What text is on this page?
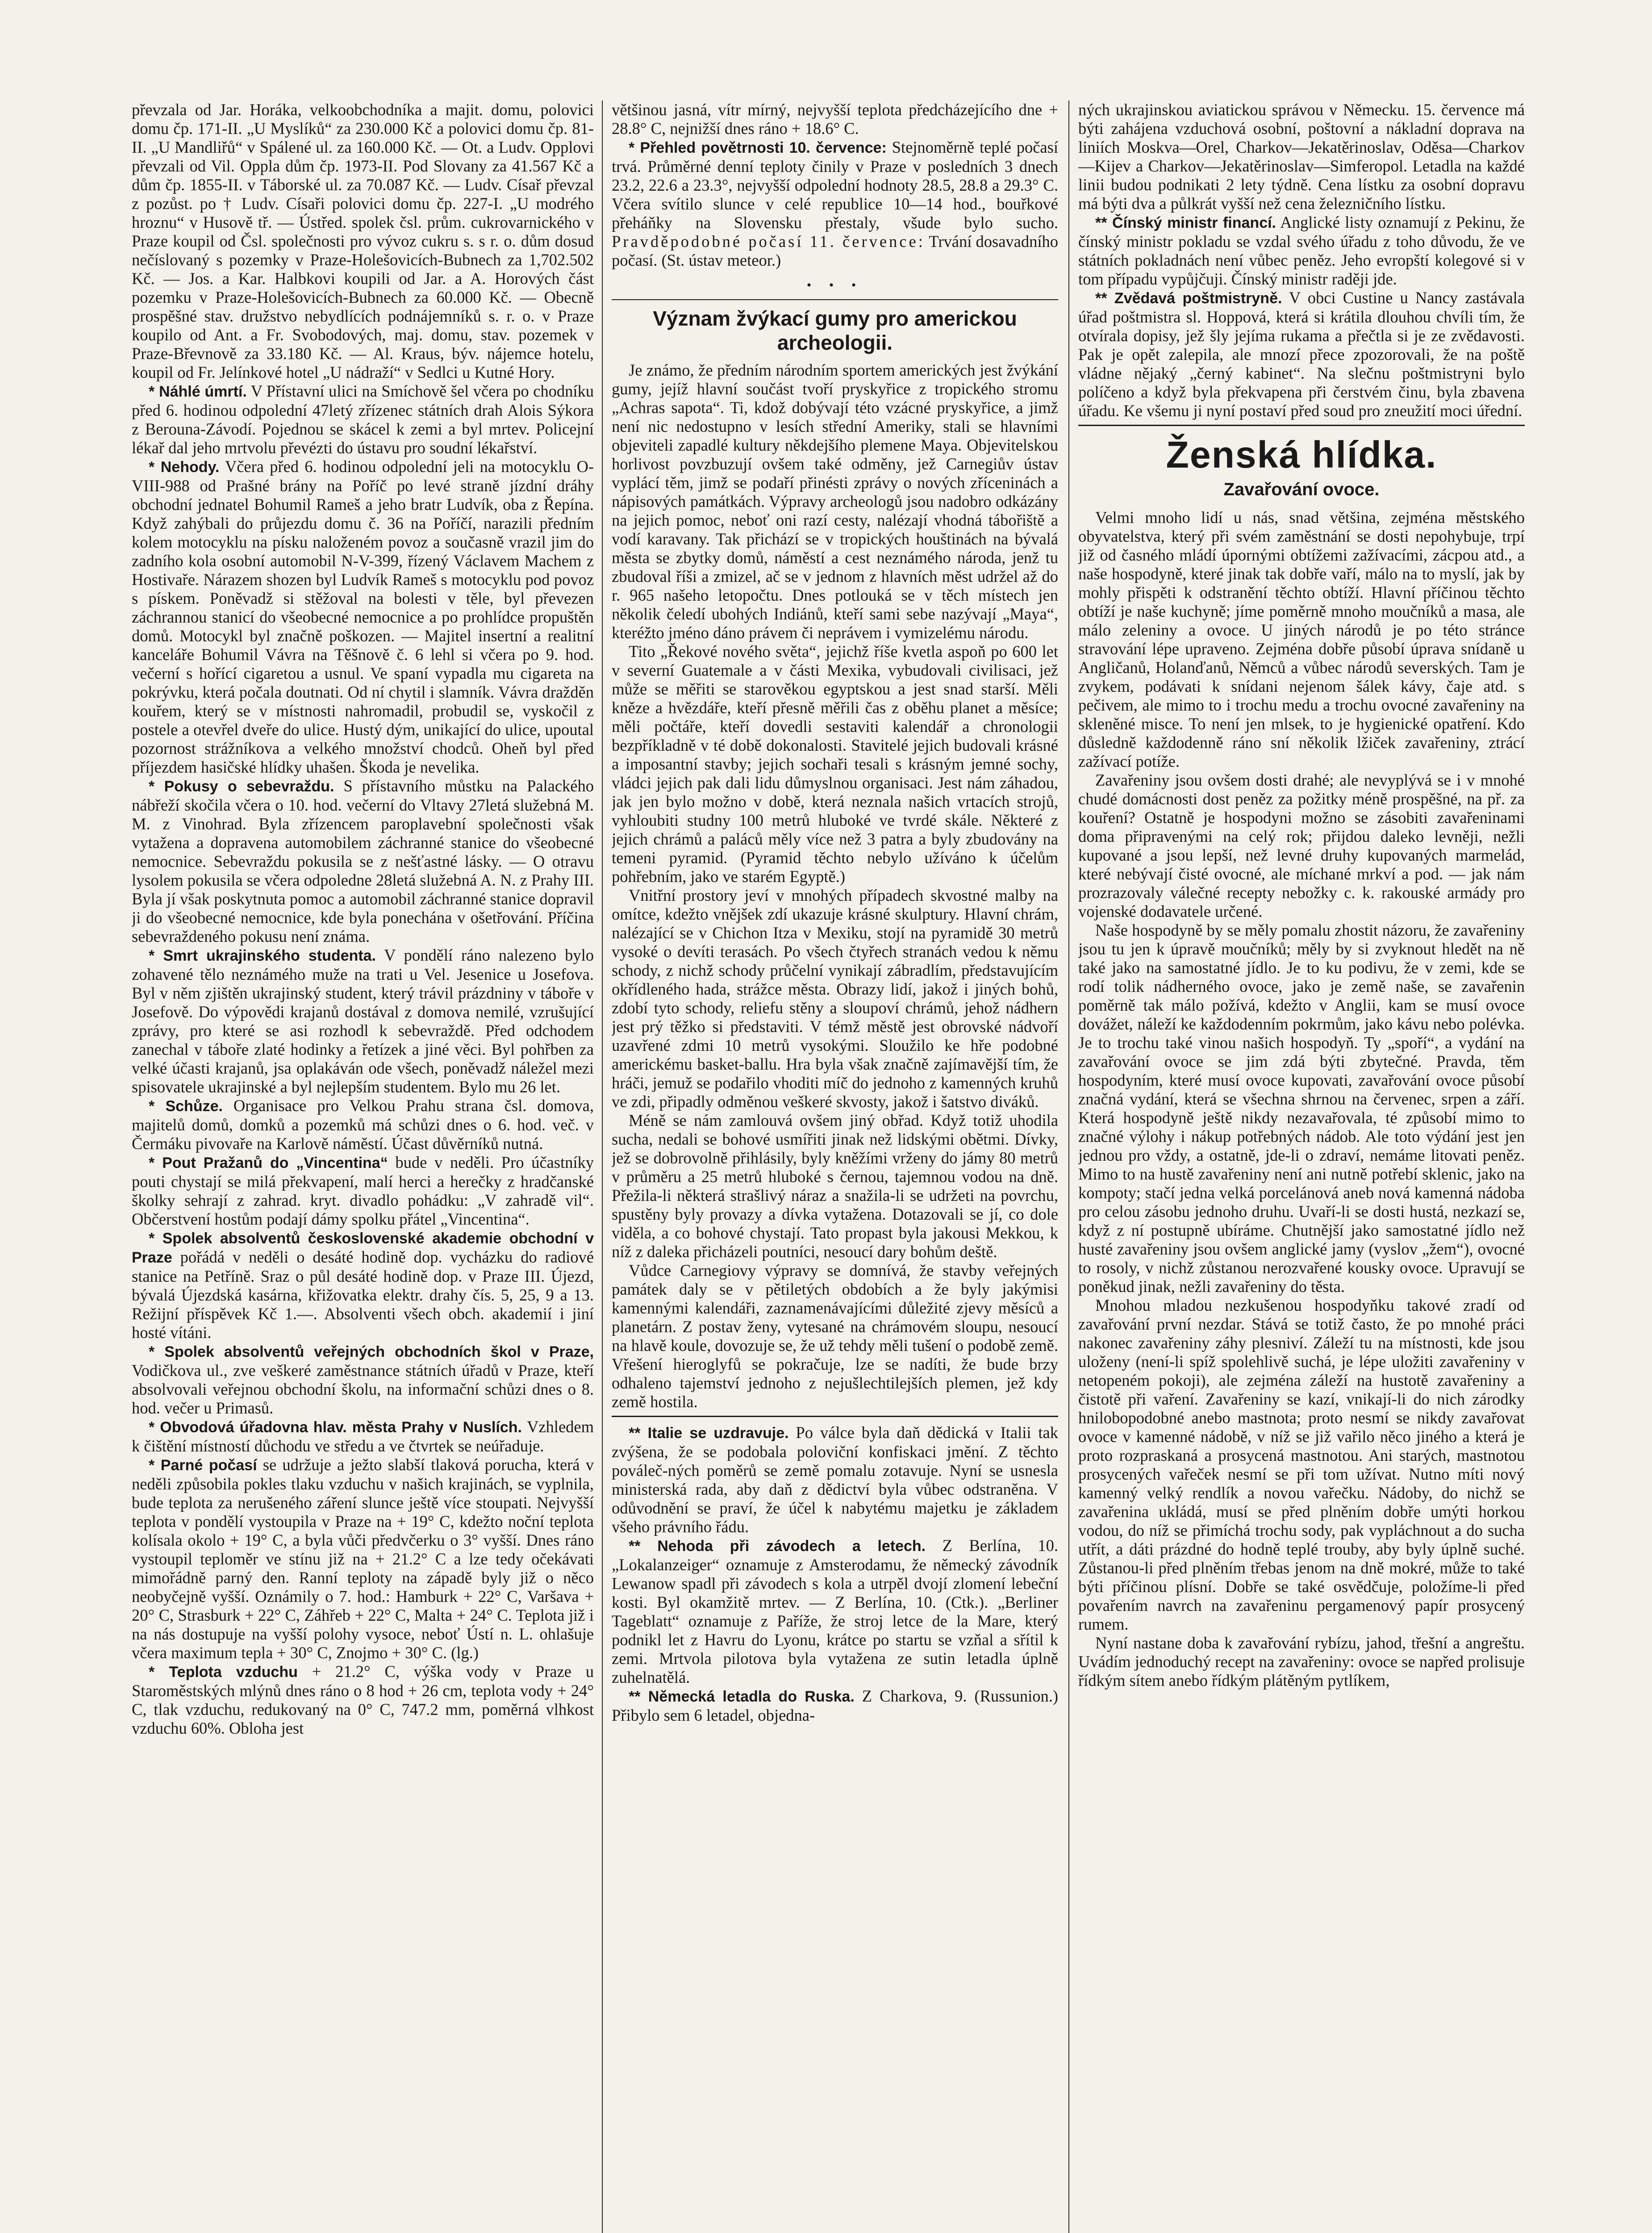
převzala od Jar. Horáka, velkoobchodníka a majit. domu, polovici domu čp. 171-II. „U Myslíků“ za 230.000 Kč a polovici domu čp. 81-II. „U Mandliřů“ v Spálené ul. za 160.000 Kč. — Ot. a Ludv. Opplovi převzali od Vil. Oppla dům čp. 1973-II. Pod Slovany za 41.567 Kč a dům čp. 1855-II. v Táborské ul. za 70.087 Kč. — Ludv. Císař převzal z pozůst. po † Ludv. Císaři polovici domu čp. 227-I. „U modrého hroznu“ v Husově tř. — Ústřed. spolek čsl. prům. cukrovarnického v Praze koupil od Čsl. společnosti pro vývoz cukru s. s r. o. dům dosud nečíslovaný s pozemky v Praze-Holešovicích-Bubnech za 1,702.502 Kč. — Jos. a Kar. Halbkovi koupili od Jar. a A. Horových část pozemku v Praze-Holešovicích-Bubnech za 60.000 Kč. — Obecně prospěšné stav. družstvo nebydlících podnájemníků s. r. o. v Praze koupilo od Ant. a Fr. Svobodových, maj. domu, stav. pozemek v Praze-Břevnově za 33.180 Kč. — Al. Kraus, býv. nájemce hotelu, koupil od Fr. Jelínkové hotel „U nádraží“ v Sedlci u Kutné Hory.

* Náhlé úmrtí. V Přístavní ulici na Smíchově šel včera po chodníku před 6. hodinou odpolední 47letý zřízenec státních drah Alois Sýkora z Berouna-Závodí. Pojednou se skácel k zemi a byl mrtev. Policejní lékař dal jeho mrtvolu převézti do ústavu pro soudní lékařství.

* Nehody. Včera před 6. hodinou odpolední jeli na motocyklu O-VIII-988 od Prašné brány na Poříč po levé straně jízdní dráhy obchodní jednatel Bohumil Rameš a jeho bratr Ludvík, oba z Řepína. Když zahýbali do průjezdu domu č. 36 na Poříčí, narazili předním kolem motocyklu na písku naloženém povoz a současně vrazil jim do zadního kola osobní automobil N-V-399, řízený Václavem Machem z Hostivaře. Nárazem shozen byl Ludvík Rameš s motocyklu pod povoz s pískem. Poněvadž si stěžoval na bolesti v těle, byl převezen záchrannou stanicí do všeobecné nemocnice a po prohlídce propuštěn domů. Motocykl byl značně poškozen. — Majitel insertní a realitní kanceláře Bohumil Vávra na Těšnově č. 6 lehl si včera po 9. hod. večerní s hořící cigaretou a usnul. Ve spaní vypadla mu cigareta na pokrývku, která počala doutnati. Od ní chytil i slamník. Vávra dražděn kouřem, který se v místnosti nahromadil, probudil se, vyskočil z postele a otevřel dveře do ulice. Hustý dým, unikající do ulice, upoutal pozornost strážníkova a velkého množství chodců. Oheň byl před příjezdem hasičské hlídky uhašen. Škoda je nevelika.

* Pokusy o sebevraždu. S přístavního můstku na Palackého nábřeží skočila včera o 10. hod. večerní do Vltavy 27letá služebná M. M. z Vinohrad. Byla zřízencem paroplavební společnosti však vytažena a dopravena automobilem záchranné stanice do všeobecné nemocnice. Sebevraždu pokusila se z nešťastné lásky. — O otravu lysolem pokusila se včera odpoledne 28letá služebná A. N. z Prahy III. Byla jí však poskytnuta pomoc a automobil záchranné stanice dopravil ji do všeobecné nemocnice, kde byla ponechána v ošetřování. Příčina sebevraždeného pokusu není známa.

* Smrt ukrajinského studenta. V pondělí ráno nalezeno bylo zohavené tělo neznámého muže na trati u Vel. Jesenice u Josefova. Byl v něm zjištěn ukrajinský student, který trávil prázdniny v táboře v Josefově. Do výpovědi krajanů dostával z domova nemilé, vzrušující zprávy, pro které se asi rozhodl k sebevraždě. Před odchodem zanechal v táboře zlaté hodinky a řetízek a jiné věci. Byl pohřben za velké účasti krajanů, jsa oplakáván ode všech, poněvadž náležel mezi spisovatele ukrajinské a byl nejlepším studentem. Bylo mu 26 let.

* Schůze. Organisace pro Velkou Prahu strana čsl. domova, majitelů domů, domků a pozemků má schůzi dnes o 6. hod. več. v Čermáku pivovaře na Karlově náměstí. Účast důvěrníků nutná.

* Pout Pražanů do „Vincentina“ bude v neděli. Pro účastníky pouti chystají se milá překvapení, malí herci a herečky z hradčanské školky sehrají z zahrad. kryt. divadlo pohádku: „V zahradě vil“. Občerstvení hostům podají dámy spolku přátel „Vincentina“.

* Spolek absolventů československé akademie obchodní v Praze pořádá v neděli o desáté hodině dop. vycházku do radiové stanice na Petříně. Sraz o půl desáté hodině dop. v Praze III. Újezd, bývalá Újezdská kasárna, křižovatka elektr. drahy čís. 5, 25, 9 a 13. Režijní příspěvek Kč 1.—. Absolventi všech obch. akademií i jiní hosté vítáni.

* Spolek absolventů veřejných obchodních škol v Praze, Vodičkova ul., zve veškeré zaměstnance státních úřadů v Praze, kteří absolvovali veřejnou obchodní školu, na informační schůzi dnes o 8. hod. večer u Primasů.

* Obvodová úřadovna hlav. města Prahy v Nuslích. Vzhledem k čištění místností důchodu ve středu a ve čtvrtek se neúřaduje.

* Parné počasí se udržuje a ježto slabší tlaková porucha, která v neděli způsobila pokles tlaku vzduchu v našich krajinách, se vyplnila, bude teplota za nerušeného záření slunce ještě více stoupati. Nejvyšší teplota v pondělí vystoupila v Praze na + 19° C, kdežto noční teplota kolísala okolo + 19° C, a byla vůči předvčerku o 3° vyšší. Dnes ráno vystoupil teploměr ve stínu již na + 21.2° C a lze tedy očekávati mimořádně parný den. Ranní teploty na západě byly již o něco neobyčejně vyšší. Oznámily o 7. hod.: Hamburk + 22° C, Varšava + 20° C, Strasburk + 22° C, Záhřeb + 22° C, Malta + 24° C. Teplota již i na nás dostupuje na vyšší polohy vysoce, neboť Ústí n. L. ohlašuje včera maximum tepla + 30° C, Znojmo + 30° C. (lg.)

* Teplota vzduchu + 21.2° C, výška vody v Praze u Staroměstských mlýnů dnes ráno o 8 hod + 26 cm, teplota vody + 24° C, tlak vzduchu, redukovaný na 0° C, 747.2 mm, poměrná vlhkost vzduchu 60%. Obloha jest

většinou jasná, vítr mírný, nejvyšší teplota předcházejícího dne + 28.8° C, nejnižší dnes ráno + 18.6° C.

* Přehled povětrnosti 10. července: Stejnoměrně teplé počasí trvá. Průměrné denní teploty činily v Praze v posledních 3 dnech 23.2, 22.6 a 23.3°, nejvyšší odpolední hodnoty 28.5, 28.8 a 29.3° C. Včera svítilo slunce v celé republice 10—14 hod., bouřkové přeháňky na Slovensku přestaly, všude bylo sucho. Pravděpodobné počasí 11. července: Trvání dosavadního počasí. (St. ústav meteor.)

• • •
Význam žvýkací gumy pro americkou archeologii.

Je známo, že předním národním sportem amerických jest žvýkání gumy, jejíž hlavní součást tvoří pryskyřice z tropického stromu „Achras sapota“. Ti, kdož dobývají této vzácné pryskyřice, a jimž není nic nedostupno v lesích střední Ameriky, stali se hlavními objeviteli zapadlé kultury někdejšího plemene Maya. Objevitelskou horlivost povzbuzují ovšem také odměny, jež Carnegiův ústav vyplácí těm, jimž se podaří přinésti zprávy o nových zříceninách a nápisových památkách. Výpravy archeologů jsou nadobro odkázány na jejich pomoc, neboť oni razí cesty, nalézají vhodná tábořiště a vodí karavany. Tak přichází se v tropických houštinách na bývalá města se zbytky domů, náměstí a cest neznámého národa, jenž tu zbudoval říši a zmizel, ač se v jednom z hlavních měst udržel až do r. 965 našeho letopočtu. Dnes potlouká se v těch místech jen několik čeledí ubohých Indiánů, kteří sami sebe nazývají „Maya“, kteréžto jméno dáno právem či neprávem i vymizelému národu.

Tito „Řekové nového světa“, jejichž říše kvetla aspoň po 600 let v severní Guatemale a v části Mexika, vybudovali civilisaci, jež může se měřiti se starověkou egyptskou a jest snad starší. Měli kněze a hvězdáře, kteří přesně měřili čas z oběhu planet a měsíce; měli počtáře, kteří dovedli sestaviti kalendář a chronologii bezpříkladně v té době dokonalosti. Stavitelé jejich budovali krásné a imposantní stavby; jejich sochaři tesali s krásným jemné sochy, vládci jejich pak dali lidu důmyslnou organisaci. Jest nám záhadou, jak jen bylo možno v době, která neznala našich vrtacích strojů, vyhloubiti studny 100 metrů hluboké ve tvrdé skále. Některé z jejich chrámů a paláců měly více než 3 patra a byly zbudovány na temeni pyramid. (Pyramid těchto nebylo užíváno k účelům pohřebním, jako ve starém Egyptě.)

Vnitřní prostory jeví v mnohých případech skvostné malby na omítce, kdežto vnějšek zdí ukazuje krásné skulptury. Hlavní chrám, nalézající se v Chichon Itza v Mexiku, stojí na pyramidě 30 metrů vysoké o devíti terasách. Po všech čtyřech stranách vedou k němu schody, z nichž schody průčelní vynikají zábradlím, představujícím okřídleného hada, strážce města. Obrazy lidí, jakož i jiných bohů, zdobí tyto schody, reliefu stěny a sloupoví chrámů, jehož nádhern jest prý těžko si představiti. V témž městě jest obrovské nádvoří uzavřené zdmi 10 metrů vysokými. Sloužilo ke hře podobné americkému basket-ballu. Hra byla však značně zajímavější tím, že hráči, jemuž se podařilo vhoditi míč do jednoho z kamenných kruhů ve zdi, připadly odměnou veškeré skvosty, jakož i šatstvo diváků.

Méně se nám zamlouvá ovšem jiný obřad. Když totiž uhodila sucha, nedali se bohové usmířiti jinak než lidskými obětmi. Dívky, jež se dobrovolně přihlásily, byly kněžími vrženy do jámy 80 metrů v průměru a 25 metrů hluboké s černou, tajemnou vodou na dně. Přežila-li některá strašlivý náraz a snažila-li se udržeti na povrchu, spustěny byly provazy a dívka vytažena. Dotazovali se jí, co dole viděla, a co bohové chystají. Tato propast byla jakousi Mekkou, k níž z daleka přicházeli poutníci, nesoucí dary bohům deště.

Vůdce Carnegiovy výpravy se domnívá, že stavby veřejných památek daly se v pětiletých obdobích a že byly jakýmisi kamennými kalendáři, zaznamenávajícími důležité zjevy měsíců a planetárn. Z postav ženy, vytesané na chrámovém sloupu, nesoucí na hlavě koule, dovozuje se, že už tehdy měli tušení o podobě země. Vřešení hieroglyfů se pokračuje, lze se nadíti, že bude brzy odhaleno tajemství jednoho z nejušlechtilejších plemen, jež kdy země hostila.

** Italie se uzdravuje. Po válce byla daň dědická v Italii tak zvýšena, že se podobala poloviční konfiskaci jmění. Z těchto pováleč‑ných poměrů se země pomalu zotavuje. Nyní se usnesla ministerská rada, aby daň z dědictví byla vůbec odstraněna. V odůvodnění se praví, že účel k nabytému majetku je základem všeho právního řádu.

** Nehoda při závodech a letech. Z Berlína, 10. „Lokalanzeiger“ oznamuje z Amsterodamu, že německý závodník Lewanow spadl při závodech s kola a utrpěl dvojí zlomení lebeční kosti. Byl okamžitě mrtev. — Z Berlína, 10. (Ctk.). „Berliner Tageblatt“ oznamuje z Paříže, že stroj letce de la Mare, který podnikl let z Havru do Lyonu, krátce po startu se vzňal a sřítil k zemi. Mrtvola pilotova byla vytažena ze sutin letadla úplně zuhelnatělá.

** Německá letadla do Ruska. Z Charkova, 9. (Russunion.) Přibylo sem 6 letadel, objedna-

ných ukrajinskou aviatickou správou v Německu. 15. července má býti zahájena vzduchová osobní, poštovní a nákladní doprava na liniích Moskva—Orel, Charkov—Jekatěrinoslav, Oděsa—Charkov—Kijev a Charkov—Jekatěrinoslav—Simferopol. Letadla na každé linii budou podnikati 2 lety týdně. Cena lístku za osobní dopravu má býti dva a půlkrát vyšší než cena železničního lístku.

** Čínský ministr financí. Anglické listy oznamují z Pekinu, že čínský ministr pokladu se vzdal svého úřadu z toho důvodu, že ve státních pokladnách není vůbec peněz. Jeho evropští kolegové si v tom případu vypůjčuji. Čínský ministr raději jde.

** Zvědavá poštmistryně. V obci Custine u Nancy zastávala úřad poštmistra sl. Hoppová, která si krátila dlouhou chvíli tím, že otvírala dopisy, jež šly jejíma rukama a přečtla si je ze zvědavosti. Pak je opět zalepila, ale mnozí přece zpozorovali, že na poště vládne nějaký „černý kabinet“. Na slečnu poštmistryni bylo políčeno a když byla překvapena při čerstvém činu, byla zbavena úřadu. Ke všemu ji nyní postaví před soud pro zneužití moci úřední.

Ženská hlídka.
Zavařování ovoce.

Velmi mnoho lidí u nás, snad většina, zejména městského obyvatelstva, který při svém zaměstnání se dosti nepohybuje, trpí již od časného mládí úpornými obtížemi zažívacími, zácpou atd., a naše hospodyně, které jinak tak dobře vaří, málo na to myslí, jak by mohly přispěti k odstranění těchto obtíží. Hlavní příčinou těchto obtíží je naše kuchyně; jíme poměrně mnoho moučníků a masa, ale málo zeleniny a ovoce. U jiných národů je po této stránce stravování lépe upraveno. Zejména dobře působí úprava snídaně u Angličanů, Holanďanů, Němců a vůbec národů severských. Tam je zvykem, podávati k snídani nejenom šálek kávy, čaje atd. s pečivem, ale mimo to i trochu medu a trochu ovocné zavařeniny na skleněné misce. To není jen mlsek, to je hygienické opatření. Kdo důsledně každodenně ráno sní několik lžiček zavařeniny, ztrácí zažívací potíže.

Zavařeniny jsou ovšem dosti drahé; ale nevyplývá se i v mnohé chudé domácnosti dost peněz za požitky méně prospěšné, na př. za kouření? Ostatně je hospodyni možno se zásobiti zavařeninami doma připravenými na celý rok; přijdou daleko levněji, nežli kupované a jsou lepší, než levné druhy kupovaných marmelád, které nebývají čisté ovocné, ale míchané mrkví a pod. — jak nám prozrazovaly válečné recepty nebožky c. k. rakouské armády pro vojenské dodavatele určené.

Naše hospodyně by se měly pomalu zhostit názoru, že zavařeniny jsou tu jen k úpravě moučníků; měly by si zvyknout hledět na ně také jako na samostatné jídlo. Je to ku podivu, že v zemi, kde se rodí tolik nádherného ovoce, jako je země naše, se zavařenin poměrně tak málo požívá, kdežto v Anglii, kam se musí ovoce dovážet, náleží ke každodenním pokrmům, jako kávu nebo polévka. Je to trochu také vinou našich hospodyň. Ty „spoří“, a vydání na zavařování ovoce se jim zdá býti zbytečné. Pravda, těm hospodyním, které musí ovoce kupovati, zavařování ovoce působí značná vydání, která se všechna shrnou na červenec, srpen a září. Která hospodyně ještě nikdy nezavařovala, té způsobí mimo to značné výlohy i nákup potřebných nádob. Ale toto výdání jest jen jednou pro vždy, a ostatně, jde-li o zdraví, nemáme litovati peněz. Mimo to na hustě zavařeniny není ani nutně potřebí sklenic, jako na kompoty; stačí jedna velká porcelánová aneb nová kamenná nádoba pro celou zásobu jednoho druhu. Uvaří-li se dosti hustá, nezkazí se, když z ní postupně ubíráme. Chutnější jako samostatné jídlo než husté zavařeniny jsou ovšem anglické jamy (vyslov „žem“), ovocné to rosoly, v nichž zůstanou nerozvařené kousky ovoce. Upravují se poněkud jinak, nežli zavařeniny do těsta.

Mnohou mladou nezkušenou hospodyňku takové zradí od zavařování první nezdar. Stává se totiž často, že po mnohé práci nakonec zavařeniny záhy plesniví. Záleží tu na místnosti, kde jsou uloženy (není-li spíž spolehlivě suchá, je lépe uložiti zavařeniny v netopeném pokoji), ale zejména záleží na hustotě zavařeniny a čistotě při vaření. Zavařeniny se kazí, vnikají-li do nich zárodky hnilobopodobné anebo mastnota; proto nesmí se nikdy zavařovat ovoce v kamenné nádobě, v níž se již vařilo něco jiného a která je proto rozpraskaná a prosycená mastnotou. Ani starých, mastnotou prosycených vařeček nesmí se při tom užívat. Nutno míti nový kamenný velký rendlík a novou vařečku. Nádoby, do nichž se zavařenina ukládá, musí se před plněním dobře umýti horkou vodou, do níž se přimíchá trochu sody, pak vypláchnout a do sucha utřít, a dáti prázdné do hodně teplé trouby, aby byly úplně suché. Zůstanou-li před plněním třebas jenom na dně mokré, může to také býti příčinou plísní. Dobře se také osvědčuje, položíme-li před povařením navrch na zavařeninu pergamenový papír prosycený rumem.

Nyní nastane doba k zavařování rybízu, jahod, třešní a angreštu. Uvádím jednoduchý recept na zavařeniny: ovoce se napřed prolisuje řídkým sítem anebo řídkým plátěným pytlíkem,
